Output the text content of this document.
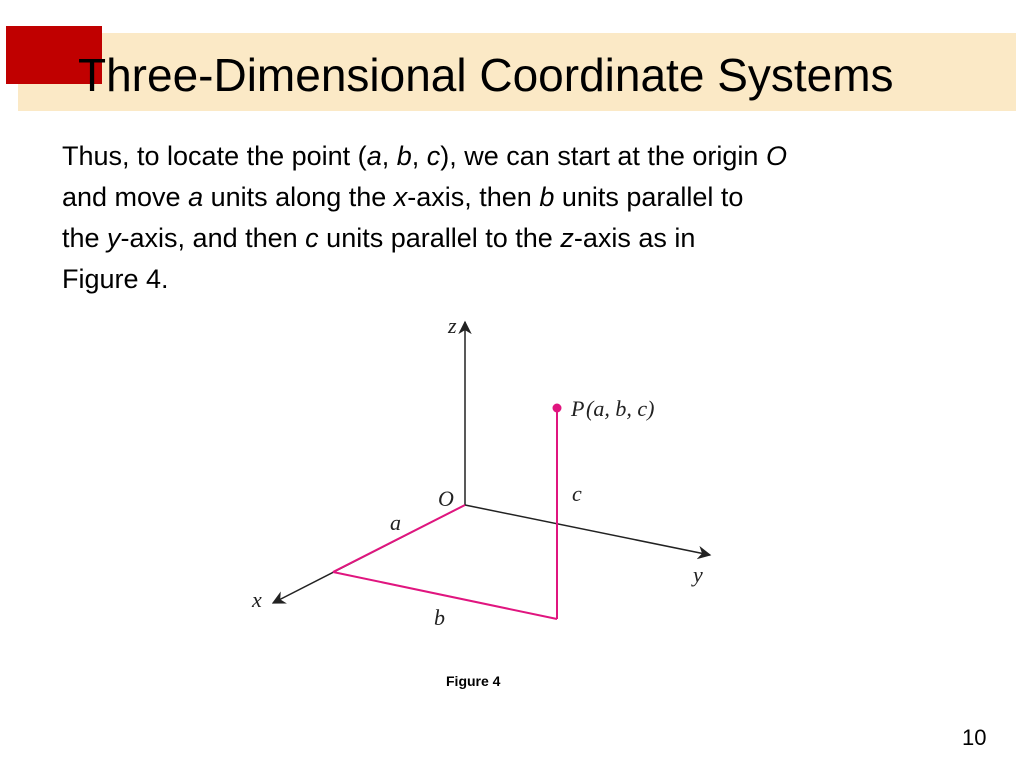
Three-Dimensional Coordinate Systems

Thus, to locate the point (a, b, c), we can start at the origin O
and move a units along the x-axis, then b units parallel to
the y-axis, and then c units parallel to the z-axis as in
Figure 4.

z
y
x
O
a
b
c
P (a, b, c)
Figure 4
10
